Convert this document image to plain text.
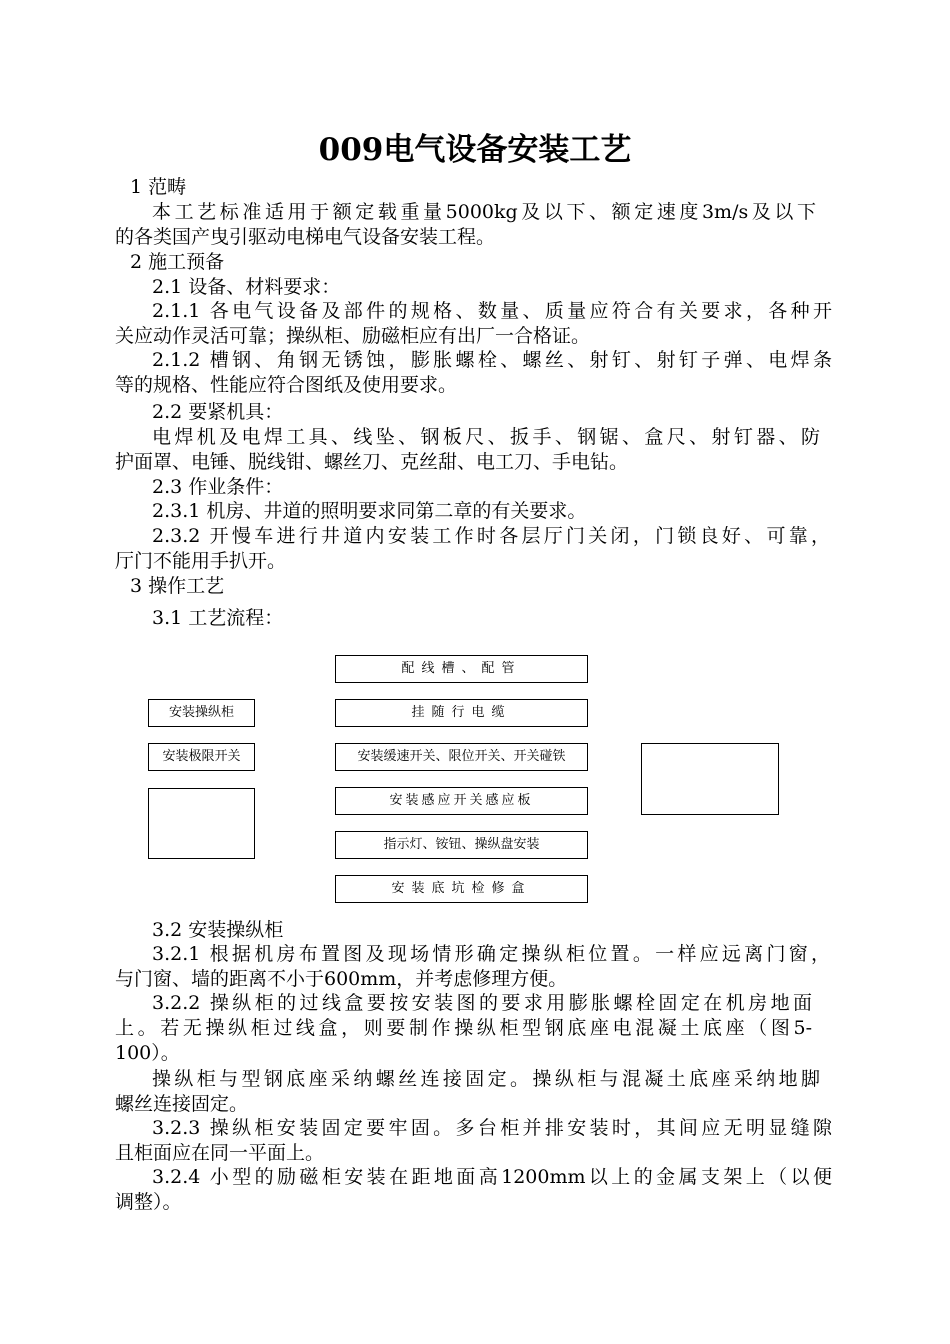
009电气设备安装工艺
1 范畴
本工艺标准适用于额定载重量5000kg及以下、额定速度3m/s及以下
的各类国产曳引驱动电梯电气设备安装工程。
2 施工预备
2.1 设备、材料要求：
2.1.1 各电气设备及部件的规格、数量、质量应符合有关要求，各种开
关应动作灵活可靠；操纵柜、励磁柜应有出厂一合格证。
2.1.2 槽钢、角钢无锈蚀，膨胀螺栓、螺丝、射钉、射钉子弹、电焊条
等的规格、性能应符合图纸及使用要求。
2.2 要紧机具：
电焊机及电焊工具、线坠、钢板尺、扳手、钢锯、盒尺、射钉器、防
护面罩、电锤、脱线钳、螺丝刀、克丝甜、电工刀、手电钻。
2.3 作业条件：
2.3.1 机房、井道的照明要求同第二章的有关要求。
2.3.2 开慢车进行井道内安装工作时各层厅门关闭，门锁良好、可靠，
厅门不能用手扒开。
3 操作工艺
3.1 工艺流程：
配线槽、配管
安装操纵柜	挂随行电缆
安装极限开关	安装缓速开关、限位开关、开关碰铁
安装感应开关感应板
指示灯、铵钮、操纵盘安装
安装底坑检修盒
3.2 安装操纵柜
3.2.1 根据机房布置图及现场情形确定操纵柜位置。一样应远离门窗，
与门窗、墙的距离不小于600mm，并考虑修理方便。
3.2.2 操纵柜的过线盒要按安装图的要求用膨胀螺栓固定在机房地面
上。若无操纵柜过线盒，则要制作操纵柜型钢底座电混凝土底座（图5-
100）。
操纵柜与型钢底座采纳螺丝连接固定。操纵柜与混凝土底座采纳地脚
螺丝连接固定。
3.2.3 操纵柜安装固定要牢固。多台柜并排安装时，其间应无明显缝隙
且柜面应在同一平面上。
3.2.4 小型的励磁柜安装在距地面高1200mm以上的金属支架上（以便
调整）。
